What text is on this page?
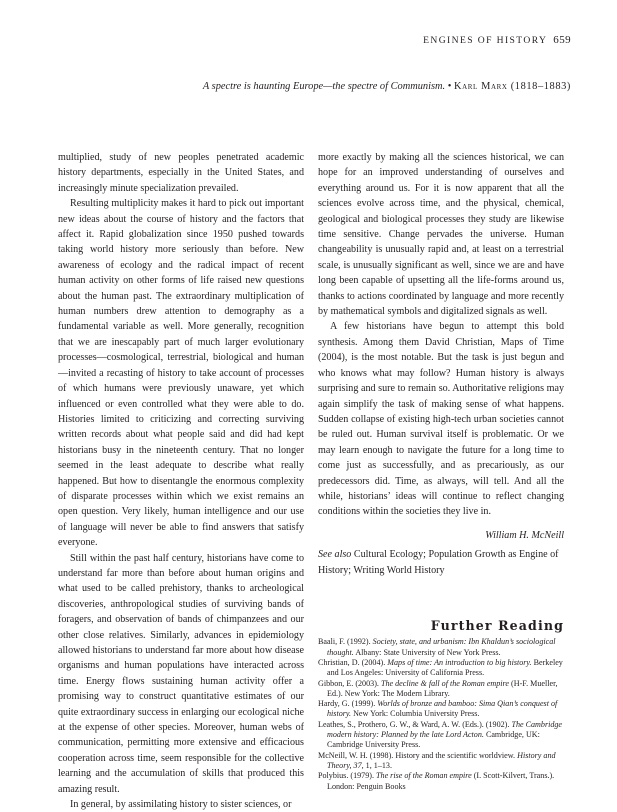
ENGINES OF HISTORY 659
A spectre is haunting Europe—the spectre of Communism. • Karl Marx (1818–1883)

multiplied, study of new peoples penetrated academic history departments, especially in the United States, and increasingly minute specialization prevailed.

Resulting multiplicity makes it hard to pick out important new ideas about the course of history and the factors that affect it. Rapid globalization since 1950 pushed towards taking world history more seriously than before. New awareness of ecology and the radical impact of recent human activity on other forms of life raised new questions about the human past. The extraordinary multiplication of human numbers drew attention to demography as a fundamental variable as well. More generally, recognition that we are inescapably part of much larger evolutionary processes—cosmological, terrestrial, biological and human—invited a recasting of history to take account of processes of which humans were previously unaware, yet which influenced or even controlled what they were able to do. Histories limited to criticizing and correcting surviving written records about what people said and did had kept historians busy in the nineteenth century. That no longer seemed in the least adequate to describe what really happened. But how to disentangle the enormous complexity of disparate processes within which we exist remains an open question. Very likely, human intelligence and our use of language will never be able to find answers that satisfy everyone.

Still within the past half century, historians have come to understand far more than before about human origins and what used to be called prehistory, thanks to archeological discoveries, anthropological studies of surviving bands of foragers, and observation of bands of chimpanzees and our other close relatives. Similarly, advances in epidemiology allowed historians to understand far more about how disease organisms and human populations have interacted across time. Energy flows sustaining human activity offer a promising way to construct quantitative estimates of our quite extraordinary success in enlarging our ecological niche at the expense of other species. Moreover, human webs of communication, permitting more extensive and efficacious cooperation across time, seem responsible for the collective learning and the accumulation of skills that produced this amazing result.

In general, by assimilating history to sister sciences, or

more exactly by making all the sciences historical, we can hope for an improved understanding of ourselves and everything around us. For it is now apparent that all the sciences evolve across time, and the physical, chemical, geological and biological processes they study are likewise time sensitive. Change pervades the universe. Human changeability is unusually rapid and, at least on a terrestrial scale, is unusually significant as well, since we are and have long been capable of upsetting all the life-forms around us, thanks to actions coordinated by language and more recently by mathematical symbols and digitalized signals as well.

A few historians have begun to attempt this bold synthesis. Among them David Christian, Maps of Time (2004), is the most notable. But the task is just begun and who knows what may follow? Human history is always surprising and sure to remain so. Authoritative religions may again simplify the task of making sense of what happens. Sudden collapse of existing high-tech urban societies cannot be ruled out. Human survival itself is problematic. Or we may learn enough to navigate the future for a long time to come just as successfully, and as precariously, as our predecessors did. Time, as always, will tell. And all the while, historians’ ideas will continue to reflect changing conditions within the societies they live in.

William H. McNeill
See also Cultural Ecology; Population Growth as Engine of History; Writing World History
Further Reading
Baali, F. (1992). Society, state, and urbanism: Ibn Khaldun’s sociological thought. Albany: State University of New York Press.
Christian, D. (2004). Maps of time: An introduction to big history. Berkeley and Los Angeles: University of California Press.
Gibbon, E. (2003). The decline & fall of the Roman empire (H-F. Mueller, Ed.). New York: The Modern Library.
Hardy, G. (1999). Worlds of bronze and bamboo: Sima Qian’s conquest of history. New York: Columbia University Press.
Leathes, S., Prothero, G. W., & Ward, A. W. (Eds.). (1902). The Cambridge modern history: Planned by the late Lord Acton. Cambridge, UK: Cambridge University Press.
McNeill, W. H. (1998). History and the scientific worldview. History and Theory, 37, 1, 1–13.
Polybius. (1979). The rise of the Roman empire (I. Scott-Kilvert, Trans.). London: Penguin Books
